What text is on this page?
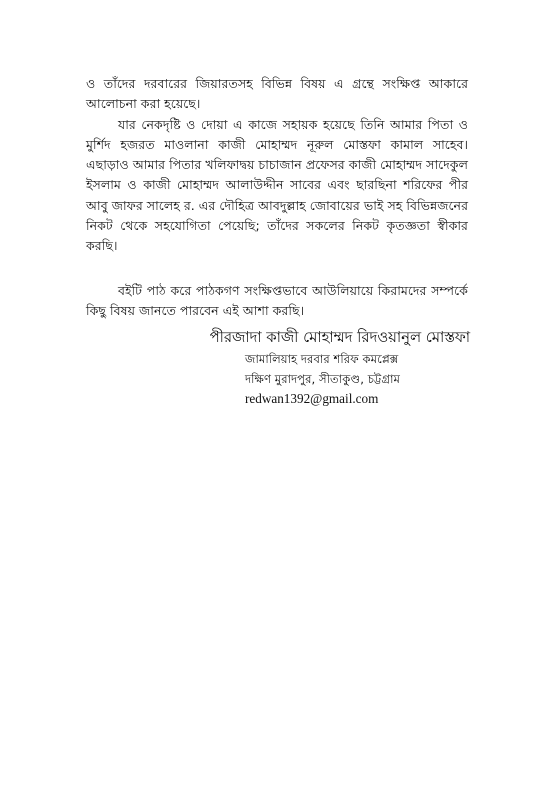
ও তাঁদের দরবারের জিয়ারতসহ বিভিন্ন বিষয় এ গ্রন্থে সংক্ষিপ্ত আকারে আলোচনা করা হয়েছে।

যার নেকদৃষ্টি ও দোয়া এ কাজে সহায়ক হয়েছে তিনি আমার পিতা ও মুর্শিদ হজরত মাওলানা কাজী মোহাম্মদ নূরুল মোস্তফা কামাল সাহেব। এছাড়াও আমার পিতার খলিফাদ্বয় চাচাজান প্রফেসর কাজী মোহাম্মদ সাদেকুল ইসলাম ও কাজী মোহাম্মদ আলাউদ্দীন সাবের এবং ছারছিনা শরিফের পীর আবু জাফর সালেহ র. এর দৌহিত্র আবদুল্লাহ জোবায়ের ভাই সহ বিভিন্নজনের নিকট থেকে সহযোগিতা পেয়েছি; তাঁদের সকলের নিকট কৃতজ্ঞতা স্বীকার করছি।

বইটি পাঠ করে পাঠকগণ সংক্ষিপ্তভাবে আউলিয়ায়ে কিরামদের সম্পর্কে কিছু বিষয় জানতে পারবেন এই আশা করছি।

পীরজাদা কাজী মোহাম্মদ রিদওয়ানুল মোস্তফা

জামালিয়াহ দরবার শরিফ কমপ্লেক্স

দক্ষিণ মুরাদপুর, সীতাকুণ্ড, চট্টগ্রাম

redwan1392@gmail.com
